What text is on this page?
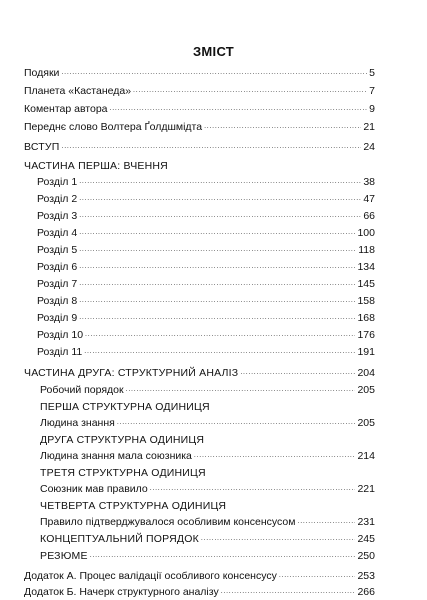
ЗМІСТ
Подяки . . .	5
Планета «Кастанеда» . . .	7
Коментар автора . . .	9
Переднє слово Волтера Ґолдшмідта . . .	21
ВСТУП . . .	24
ЧАСТИНА ПЕРША: ВЧЕННЯ
Розділ 1 . . .	38
Розділ 2 . . .	47
Розділ 3 . . .	66
Розділ 4 . . .	100
Розділ 5 . . .	118
Розділ 6 . . .	134
Розділ 7 . . .	145
Розділ 8 . . .	158
Розділ 9 . . .	168
Розділ 10 . . .	176
Розділ 11 . . .	191
ЧАСТИНА ДРУГА: СТРУКТУРНИЙ АНАЛІЗ . . .	204
Робочий порядок . . .	205
ПЕРША СТРУКТУРНА ОДИНИЦЯ
Людина знання . . .	205
ДРУГА СТРУКТУРНА ОДИНИЦЯ
Людина знання мала союзника . . .	214
ТРЕТЯ СТРУКТУРНА ОДИНИЦЯ
Союзник мав правило . . .	221
ЧЕТВЕРТА СТРУКТУРНА ОДИНИЦЯ
Правило підтверджувалося особливим консенсусом . . .	231
КОНЦЕПТУАЛЬНИЙ ПОРЯДОК . . .	245
РЕЗЮМЕ . . .	250
Додаток А. Процес валідації особливого консенсусу . . .	253
Додаток Б. Начерк структурного аналізу . . .	266
